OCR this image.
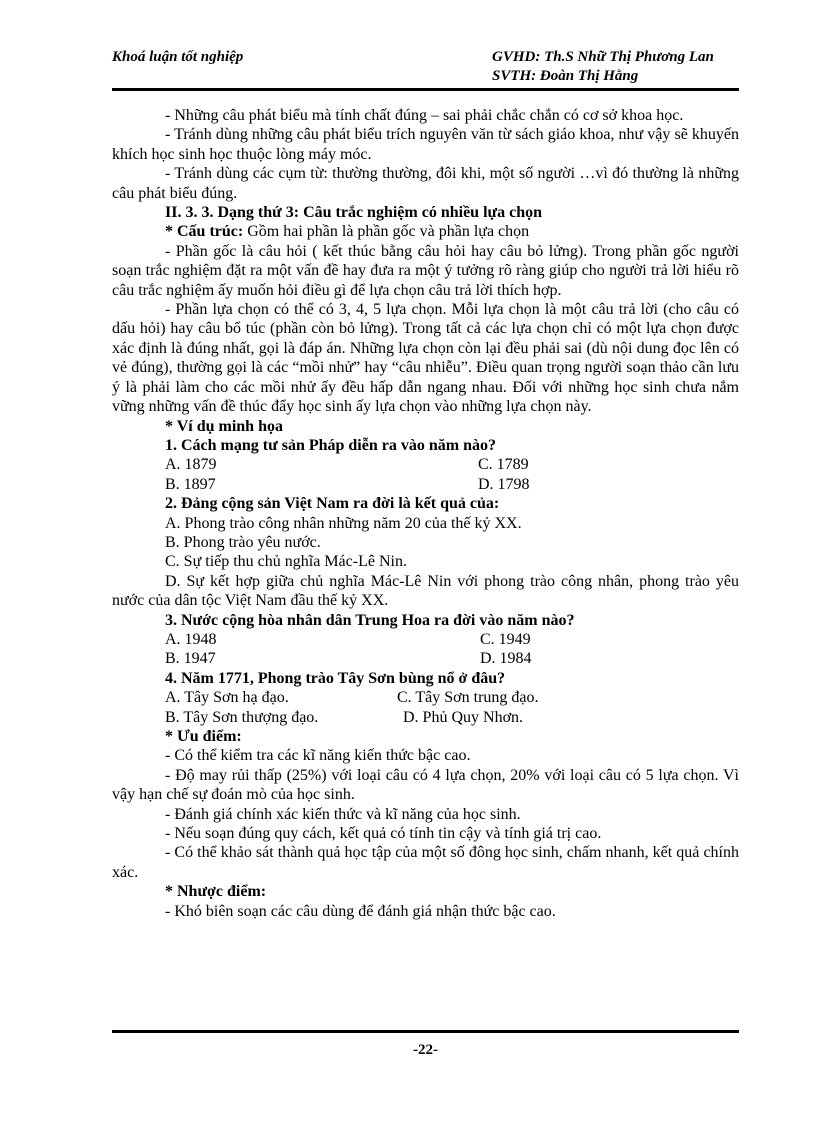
Khoá luận tốt nghiệp	GVHD: Th.S Nhữ Thị Phương Lan
SVTH: Đoàn Thị Hằng

- Những câu phát biểu mà tính chất đúng – sai phải chắc chắn có cơ sở khoa học.

- Tránh dùng những câu phát biểu trích nguyên văn từ sách giáo khoa, như vậy sẽ khuyến khích học sinh học thuộc lòng máy móc.

- Tránh dùng các cụm từ: thường thường, đôi khi, một số người …vì đó thường là những câu phát biểu đúng.

II. 3. 3. Dạng thứ 3: Câu trắc nghiệm có nhiều lựa chọn

* Cấu trúc: Gồm hai phần là phần gốc và phần lựa chọn

- Phần gốc là câu hỏi ( kết thúc bằng câu hỏi hay câu bỏ lửng). Trong phần gốc người soạn trắc nghiệm đặt ra một vấn đề hay đưa ra một ý tưởng rõ ràng giúp cho người trả lời hiểu rõ câu trắc nghiệm ấy muốn hỏi điều gì để lựa chọn câu trả lời thích hợp.

- Phần lựa chọn có thể có 3, 4, 5 lựa chọn. Mỗi lựa chọn là một câu trả lời (cho câu có dấu hỏi) hay câu bổ túc (phần còn bỏ lửng). Trong tất cả các lựa chọn chỉ có một lựa chọn được xác định là đúng nhất, gọi là đáp án. Những lựa chọn còn lại đều phải sai (dù nội dung đọc lên có vẻ đúng), thường gọi là các “mồi nhử” hay “câu nhiễu”. Điều quan trọng người soạn thảo cần lưu ý là phải làm cho các mồi nhử ấy đều hấp dẫn ngang nhau. Đối với những học sinh chưa nắm vững những vấn đề thúc đẩy học sinh ấy lựa chọn vào những lựa chọn này.

* Ví dụ minh họa

1. Cách mạng tư sản Pháp diễn ra vào năm nào?

A. 1879	C. 1789
B. 1897	D. 1798

2. Đảng cộng sản Việt Nam ra đời là kết quả của:

A. Phong trào công nhân những năm 20 của thế kỷ XX.

B. Phong trào yêu nước.

C. Sự tiếp thu chủ nghĩa Mác-Lê Nin.

D. Sự kết hợp giữa chủ nghĩa Mác-Lê Nin với phong trào công nhân, phong trào yêu nước của dân tộc Việt Nam đầu thế kỷ XX.

3. Nước cộng hòa nhân dân Trung Hoa ra đời vào năm nào?

A. 1948	C. 1949
B. 1947	D. 1984

4. Năm 1771, Phong trào Tây Sơn bùng nổ ở đâu?

A. Tây Sơn hạ đạo.	C. Tây Sơn trung đạo.
B. Tây Sơn thượng đạo.	D. Phủ Quy Nhơn.

* Ưu điểm:

- Có thể kiểm tra các kĩ năng kiến thức bậc cao.

- Độ may rủi thấp (25%) với loại câu có 4 lựa chọn, 20% với loại câu có 5 lựa chọn. Vì vậy hạn chế sự đoán mò của học sinh.

- Đánh giá chính xác kiến thức và kĩ năng của học sinh.

- Nếu soạn đúng quy cách, kết quả có tính tin cậy và tính giá trị cao.

- Có thể khảo sát thành quả học tập của một số đông học sinh, chấm nhanh, kết quả chính xác.

* Nhược điểm:

- Khó biên soạn các câu dùng để đánh giá nhận thức bậc cao.

-22-
